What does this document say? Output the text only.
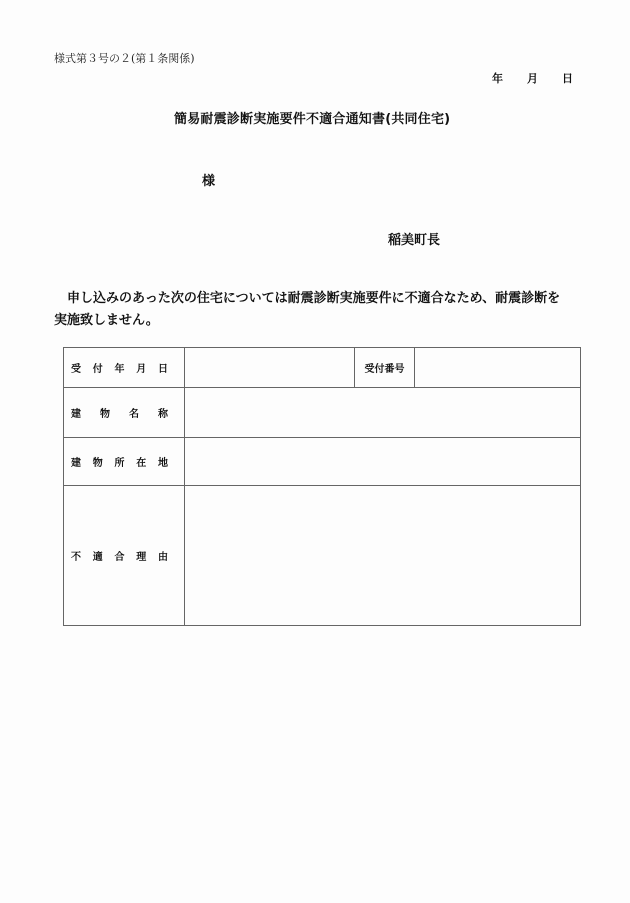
様式第３号の２(第１条関係)
年 月 日
簡易耐震診断実施要件不適合通知書(共同住宅)
様
稲美町長
申し込みのあった次の住宅については耐震診断実施要件に不適合なため、耐震診断を
実施致しません。
受 付 年 月 日		受付番号	

建 物 名 称			

建 物 所 在 地			

不 適 合 理 由			
